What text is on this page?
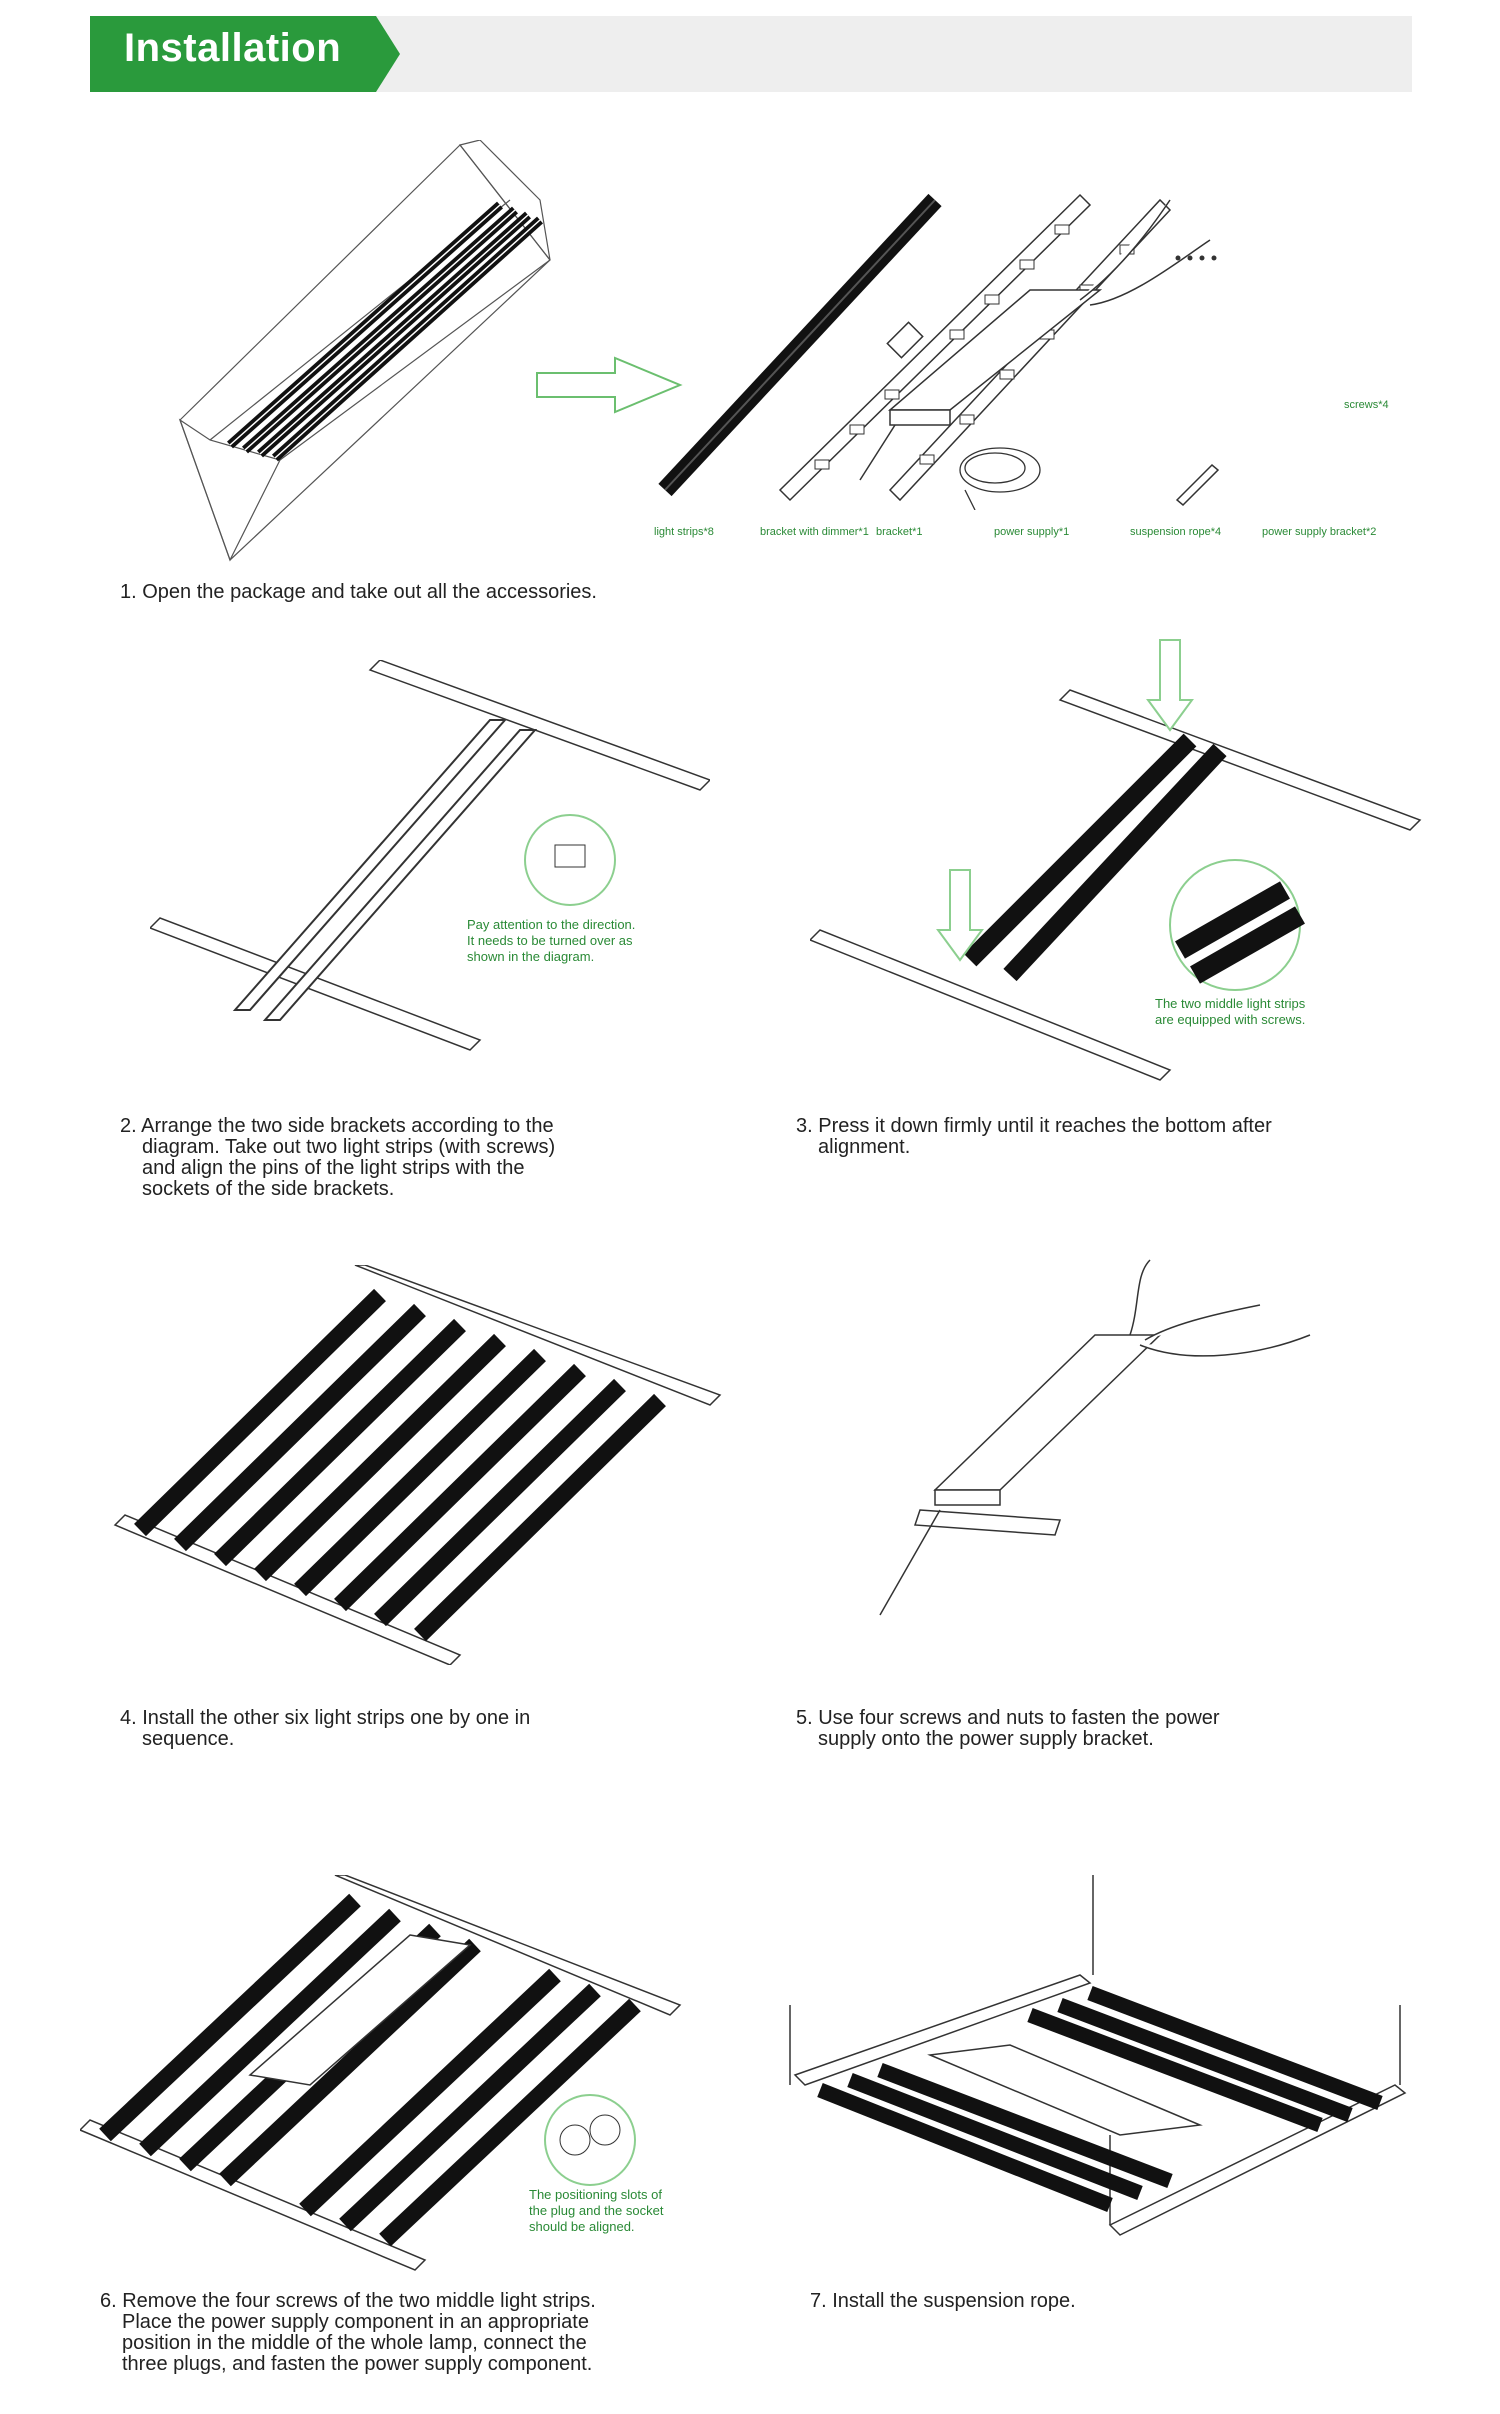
Installation
light strips*8	bracket with dimmer*1 bracket*1	power supply*1	suspension rope*4	power supply bracket*2
screws*4
1. Open the package and take out all the accessories.
Pay attention to the direction.
It needs to be turned over as
shown in the diagram.
2. Arrange the two side brackets according to the
diagram. Take out two light strips (with screws)
and align the pins of the light strips with the
sockets of the side brackets.
The two middle light strips
are equipped with screws.
3. Press it down firmly until it reaches the bottom after
alignment.
4. Install the other six light strips one by one in
sequence.
5. Use four screws and nuts to fasten the power
supply onto the power supply bracket.
The positioning slots of
the plug and the socket
should be aligned.
6. Remove the four screws of the two middle light strips.
Place the power supply component in an appropriate
position in the middle of the whole lamp, connect the
three plugs, and fasten the power supply component.
7. Install the suspension rope.
